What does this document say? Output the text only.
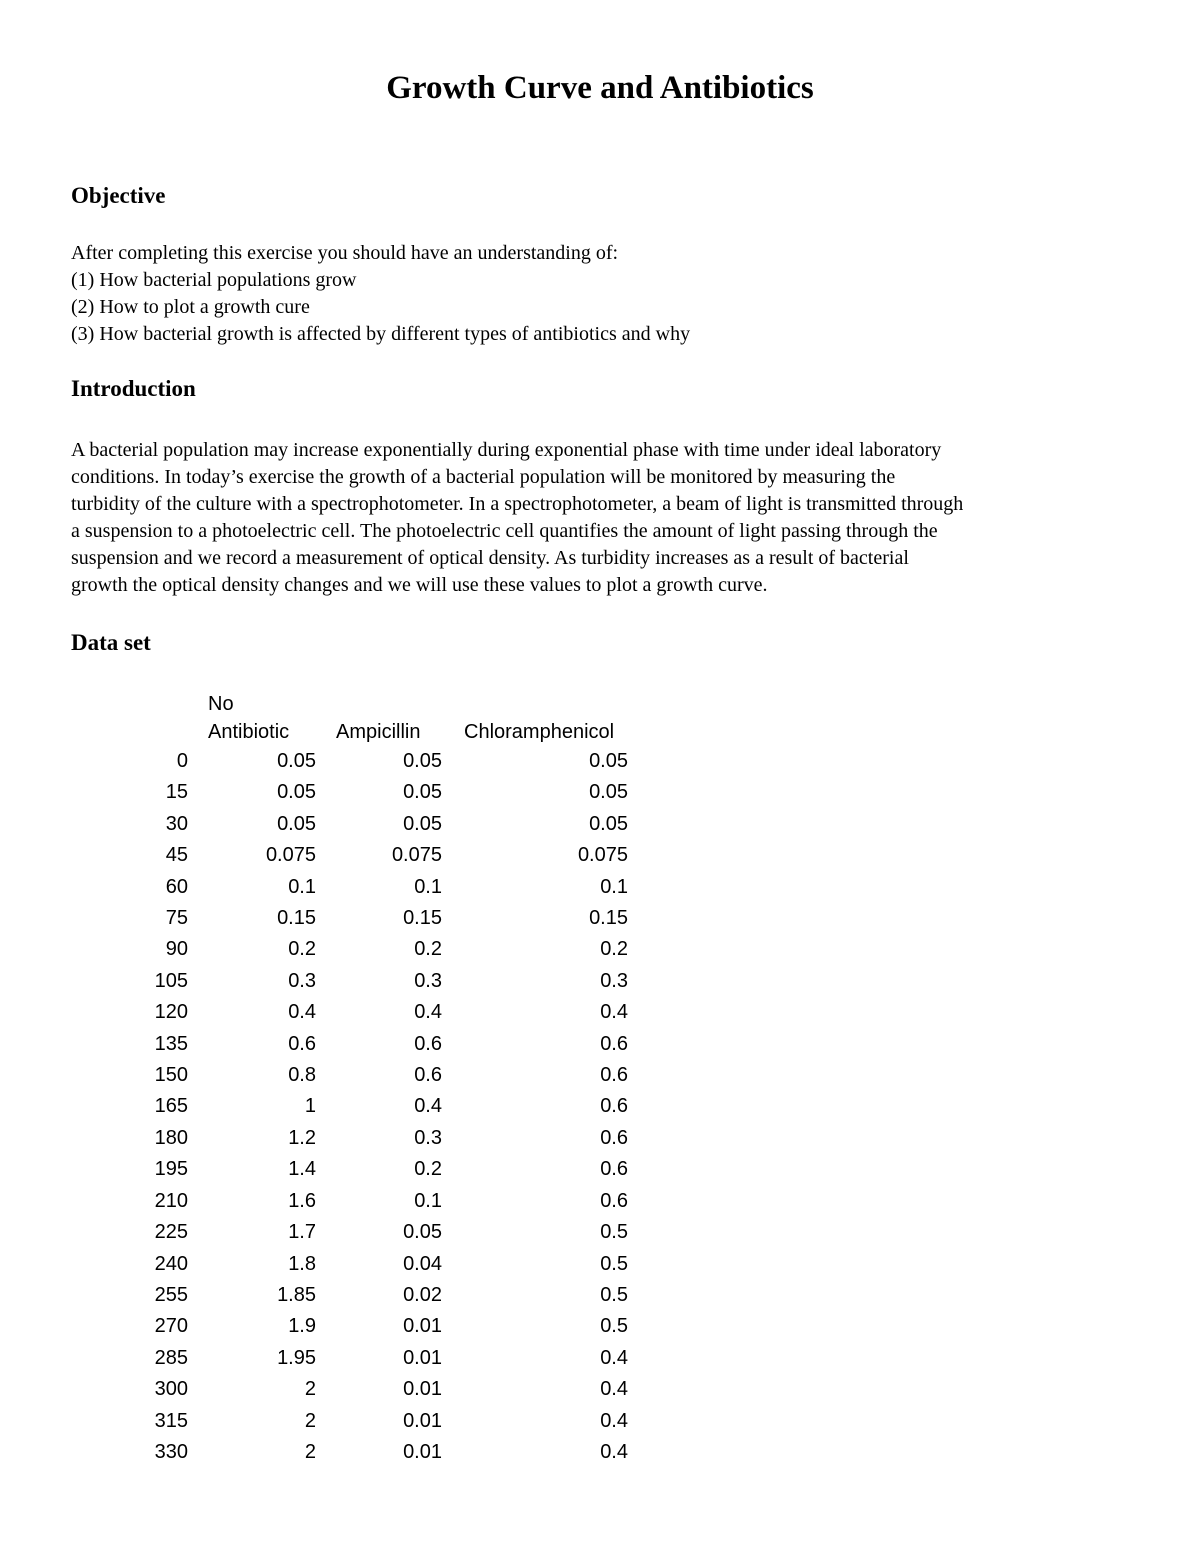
Growth Curve and Antibiotics
Objective
After completing this exercise you should have an understanding of:
(1) How bacterial populations grow
(2) How to plot a growth cure
(3) How bacterial growth is affected by different types of antibiotics and why
Introduction
A bacterial population may increase exponentially during exponential phase with time under ideal laboratory
conditions. In today’s exercise the growth of a bacterial population will be monitored by measuring the
turbidity of the culture with a spectrophotometer. In a spectrophotometer, a beam of light is transmitted through
a suspension to a photoelectric cell. The photoelectric cell quantifies the amount of light passing through the
suspension and we record a measurement of optical density. As turbidity increases as a result of bacterial
growth the optical density changes and we will use these values to plot a growth curve.
Data set
	No Antibiotic	Ampicillin	Chloramphenicol
0	0.05	0.05	0.05
15	0.05	0.05	0.05
30	0.05	0.05	0.05
45	0.075	0.075	0.075
60	0.1	0.1	0.1
75	0.15	0.15	0.15
90	0.2	0.2	0.2
105	0.3	0.3	0.3
120	0.4	0.4	0.4
135	0.6	0.6	0.6
150	0.8	0.6	0.6
165	1	0.4	0.6
180	1.2	0.3	0.6
195	1.4	0.2	0.6
210	1.6	0.1	0.6
225	1.7	0.05	0.5
240	1.8	0.04	0.5
255	1.85	0.02	0.5
270	1.9	0.01	0.5
285	1.95	0.01	0.4
300	2	0.01	0.4
315	2	0.01	0.4
330	2	0.01	0.4
